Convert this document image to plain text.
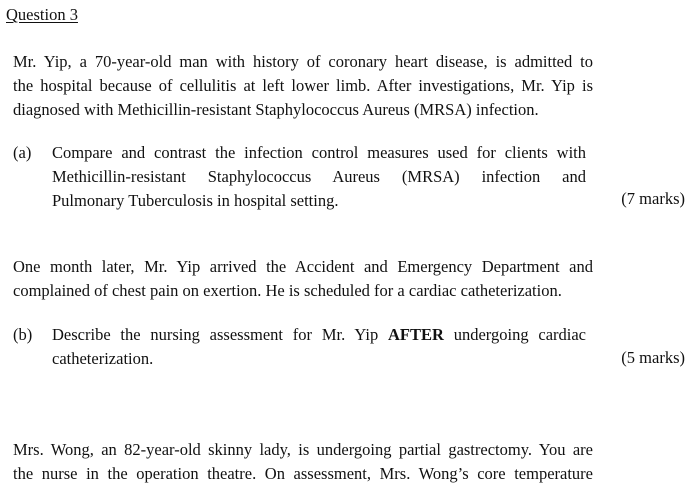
Question 3

Mr. Yip, a 70-year-old man with history of coronary heart disease, is admitted to
the hospital because of cellulitis at left lower limb. After investigations, Mr. Yip is
diagnosed with Methicillin-resistant Staphylococcus Aureus (MRSA) infection.

(a) Compare and contrast the infection control measures used for clients with
Methicillin-resistant Staphylococcus Aureus (MRSA) infection and
Pulmonary Tuberculosis in hospital setting.	(7 marks)

One month later, Mr. Yip arrived the Accident and Emergency Department and
complained of chest pain on exertion. He is scheduled for a cardiac catheterization.

(b) Describe the nursing assessment for Mr. Yip AFTER undergoing cardiac
catheterization.	(5 marks)

Mrs. Wong, an 82-year-old skinny lady, is undergoing partial gastrectomy. You are
the nurse in the operation theatre. On assessment, Mrs. Wong’s core temperature
